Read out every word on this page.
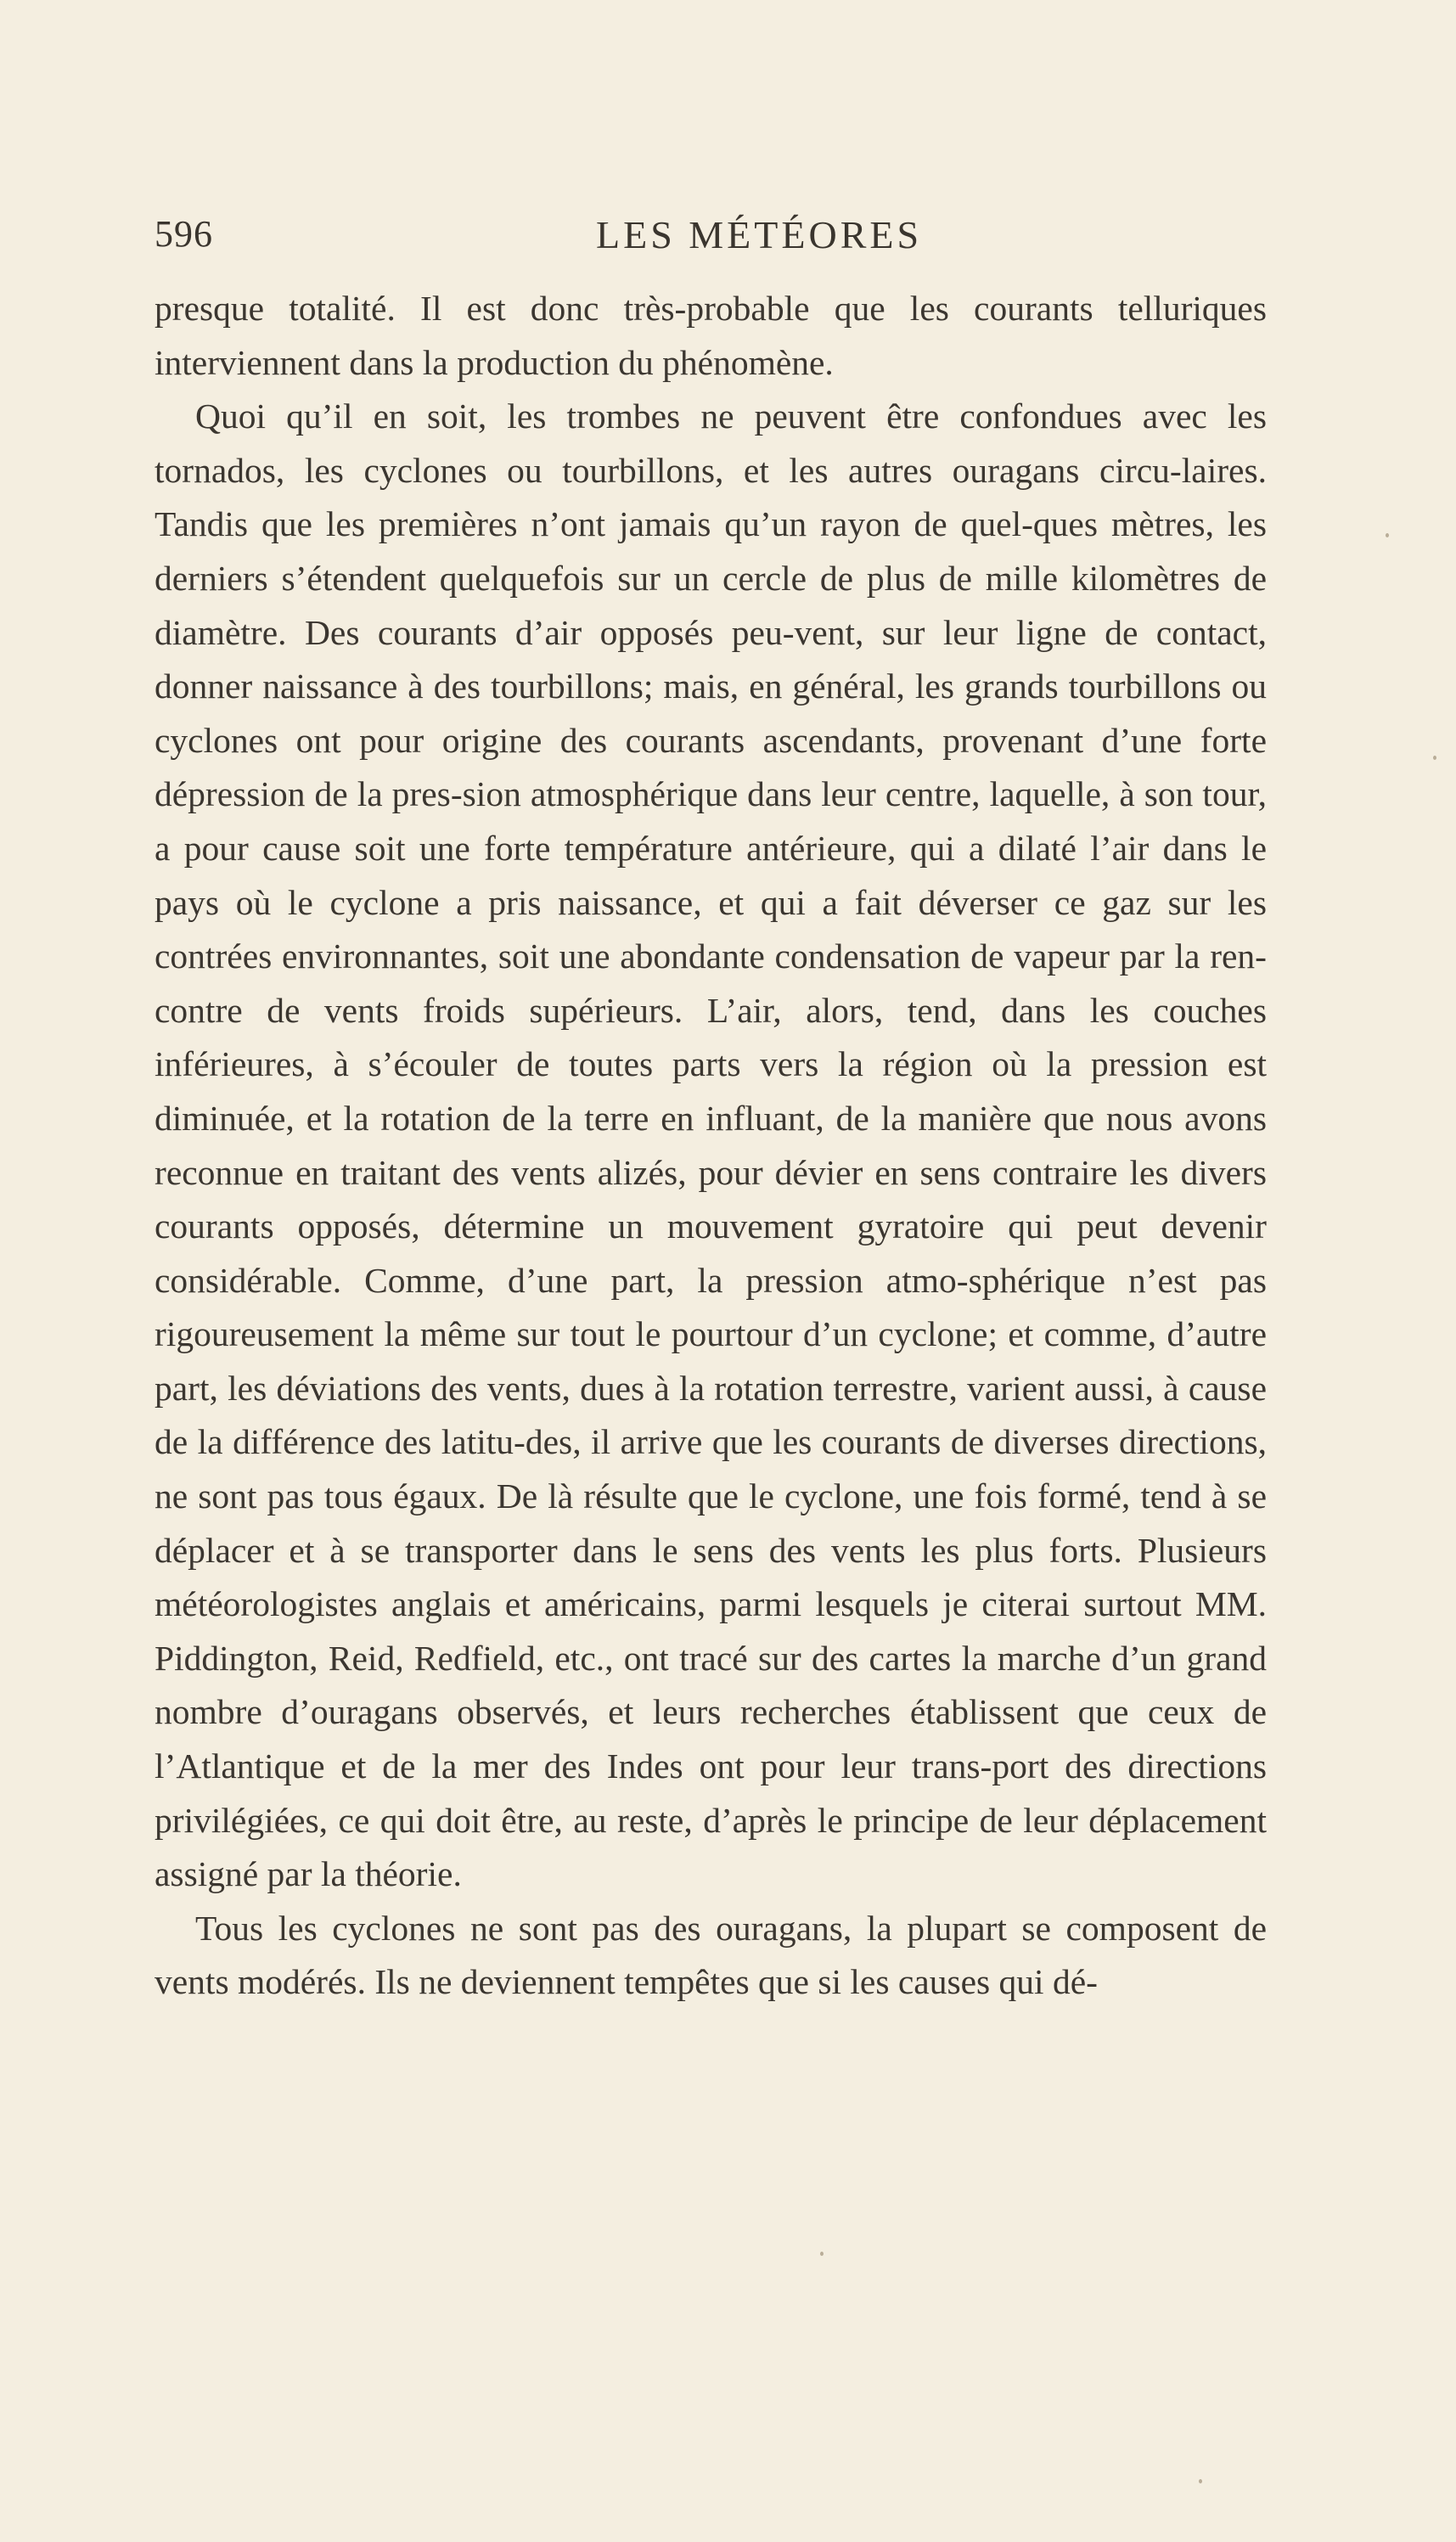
596	LES MÉTÉORES

presque totalité. Il est donc très-probable que les courants telluriques interviennent dans la production du phénomène.

Quoi qu’il en soit, les trombes ne peuvent être confondues avec les tornados, les cyclones ou tourbillons, et les autres ouragans circu-laires. Tandis que les premières n’ont jamais qu’un rayon de quel-ques mètres, les derniers s’étendent quelquefois sur un cercle de plus de mille kilomètres de diamètre. Des courants d’air opposés peu-vent, sur leur ligne de contact, donner naissance à des tourbillons; mais, en général, les grands tourbillons ou cyclones ont pour origine des courants ascendants, provenant d’une forte dépression de la pres-sion atmosphérique dans leur centre, laquelle, à son tour, a pour cause soit une forte température antérieure, qui a dilaté l’air dans le pays où le cyclone a pris naissance, et qui a fait déverser ce gaz sur les contrées environnantes, soit une abondante condensation de vapeur par la ren-contre de vents froids supérieurs. L’air, alors, tend, dans les couches inférieures, à s’écouler de toutes parts vers la région où la pression est diminuée, et la rotation de la terre en influant, de la manière que nous avons reconnue en traitant des vents alizés, pour dévier en sens contraire les divers courants opposés, détermine un mouvement gyratoire qui peut devenir considérable. Comme, d’une part, la pression atmo-sphérique n’est pas rigoureusement la même sur tout le pourtour d’un cyclone; et comme, d’autre part, les déviations des vents, dues à la rotation terrestre, varient aussi, à cause de la différence des latitu-des, il arrive que les courants de diverses directions, ne sont pas tous égaux. De là résulte que le cyclone, une fois formé, tend à se déplacer et à se transporter dans le sens des vents les plus forts. Plusieurs météorologistes anglais et américains, parmi lesquels je citerai surtout MM. Piddington, Reid, Redfield, etc., ont tracé sur des cartes la marche d’un grand nombre d’ouragans observés, et leurs recherches établissent que ceux de l’Atlantique et de la mer des Indes ont pour leur trans-port des directions privilégiées, ce qui doit être, au reste, d’après le principe de leur déplacement assigné par la théorie.

Tous les cyclones ne sont pas des ouragans, la plupart se composent de vents modérés. Ils ne deviennent tempêtes que si les causes qui dé-
